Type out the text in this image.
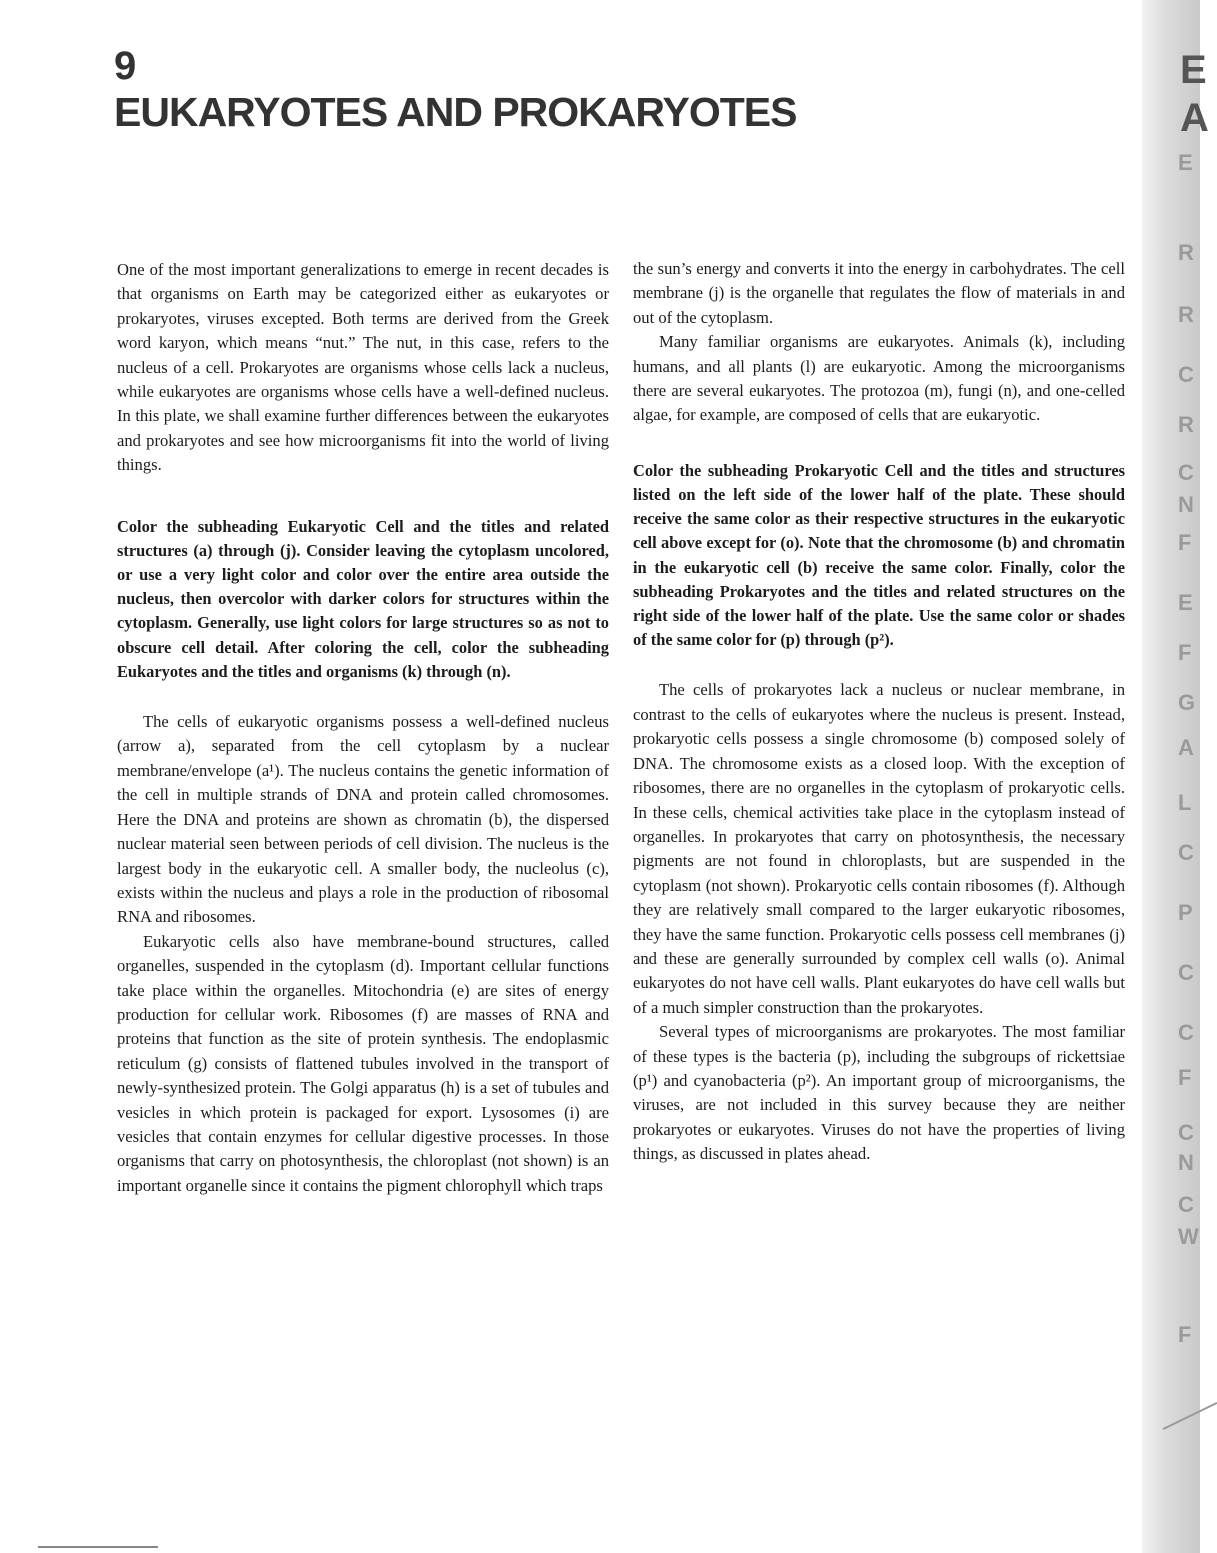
9
EUKARYOTES AND PROKARYOTES

One of the most important generalizations to emerge in recent decades is that organisms on Earth may be categorized either as eukaryotes or prokaryotes, viruses excepted. Both terms are derived from the Greek word karyon, which means “nut.” The nut, in this case, refers to the nucleus of a cell. Prokaryotes are organisms whose cells lack a nucleus, while eukaryotes are organisms whose cells have a well-defined nucleus. In this plate, we shall examine further differences between the eukaryotes and prokaryotes and see how microorganisms fit into the world of living things.

Color the subheading Eukaryotic Cell and the titles and related structures (a) through (j). Consider leaving the cytoplasm uncolored, or use a very light color and color over the entire area outside the nucleus, then overcolor with darker colors for structures within the cytoplasm. Generally, use light colors for large structures so as not to obscure cell detail. After coloring the cell, color the subheading Eukaryotes and the titles and organisms (k) through (n).

The cells of eukaryotic organisms possess a well-defined nucleus (arrow a), separated from the cell cytoplasm by a nuclear membrane/envelope (a¹). The nucleus contains the genetic information of the cell in multiple strands of DNA and protein called chromosomes. Here the DNA and proteins are shown as chromatin (b), the dispersed nuclear material seen between periods of cell division. The nucleus is the largest body in the eukaryotic cell. A smaller body, the nucleolus (c), exists within the nucleus and plays a role in the production of ribosomal RNA and ribosomes.

Eukaryotic cells also have membrane-bound structures, called organelles, suspended in the cytoplasm (d). Important cellular functions take place within the organelles. Mitochondria (e) are sites of energy production for cellular work. Ribosomes (f) are masses of RNA and proteins that function as the site of protein synthesis. The endoplasmic reticulum (g) consists of flattened tubules involved in the transport of newly-synthesized protein. The Golgi apparatus (h) is a set of tubules and vesicles in which protein is packaged for export. Lysosomes (i) are vesicles that contain enzymes for cellular digestive processes. In those organisms that carry on photosynthesis, the chloroplast (not shown) is an important organelle since it contains the pigment chlorophyll which traps

the sun’s energy and converts it into the energy in carbohydrates. The cell membrane (j) is the organelle that regulates the flow of materials in and out of the cytoplasm.

Many familiar organisms are eukaryotes. Animals (k), including humans, and all plants (l) are eukaryotic. Among the microorganisms there are several eukaryotes. The protozoa (m), fungi (n), and one-celled algae, for example, are composed of cells that are eukaryotic.

Color the subheading Prokaryotic Cell and the titles and structures listed on the left side of the lower half of the plate. These should receive the same color as their respective structures in the eukaryotic cell above except for (o). Note that the chromosome (b) and chromatin in the eukaryotic cell (b) receive the same color. Finally, color the subheading Prokaryotes and the titles and related structures on the right side of the lower half of the plate. Use the same color or shades of the same color for (p) through (p²).

The cells of prokaryotes lack a nucleus or nuclear membrane, in contrast to the cells of eukaryotes where the nucleus is present. Instead, prokaryotic cells possess a single chromosome (b) composed solely of DNA. The chromosome exists as a closed loop. With the exception of ribosomes, there are no organelles in the cytoplasm of prokaryotic cells. In these cells, chemical activities take place in the cytoplasm instead of organelles. In prokaryotes that carry on photosynthesis, the necessary pigments are not found in chloroplasts, but are suspended in the cytoplasm (not shown). Prokaryotic cells contain ribosomes (f). Although they are relatively small compared to the larger eukaryotic ribosomes, they have the same function. Prokaryotic cells possess cell membranes (j) and these are generally surrounded by complex cell walls (o). Animal eukaryotes do not have cell walls. Plant eukaryotes do have cell walls but of a much simpler construction than the prokaryotes.

Several types of microorganisms are prokaryotes. The most familiar of these types is the bacteria (p), including the subgroups of rickettsiae (p¹) and cyanobacteria (p²). An important group of microorganisms, the viruses, are not included in this survey because they are neither prokaryotes or eukaryotes. Viruses do not have the properties of living things, as discussed in plates ahead.

E
A
E
R
R
C
R
C
N
F
E
F
G
A
L
C
P
C
C
F
C
N
C
W
F
